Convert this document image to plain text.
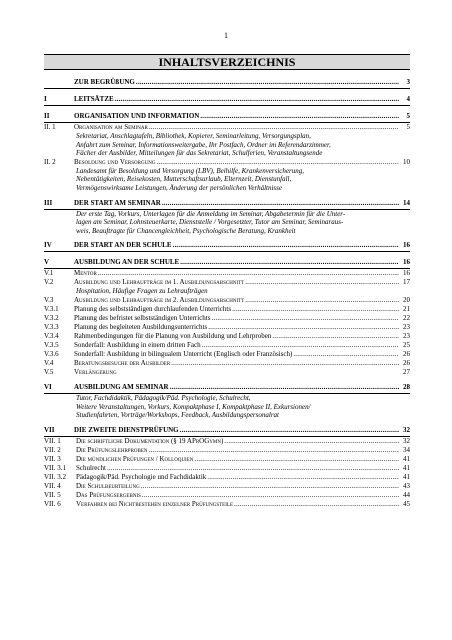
1
INHALTSVERZEICHNIS
ZUR BEGRÜßUNG .....	3
I	LEITSÄTZE .....	4
II	ORGANISATION UND INFORMATION .....	5
II. 1	Organisation am Seminar .....	5
Sekretariat, Anschlagtafeln, Bibliothek, Kopierer, Seminarleitung, Versorgungsplan,
Anfahrt zum Seminar, Informationsweitergabe, Ihr Postfach, Ordner im Referendarzimmer,
Fächer der Ausbilder, Mitteilungen für das Sekretariat, Schulferien, Veranstaltungsende
II. 2	Besoldung und Versorgung .....	10
Landesamt für Besoldung und Versorgung (LBV), Beihilfe, Krankenversicherung,
Nebentätigkeiten, Reisekosten, Mutterschaftsurlaub, Elternzeit, Dienstunfall,
Vermögenswirksame Leistungen, Änderung der persönlichen Verhältnisse
III	DER START AM SEMINAR .....	14
Der erste Tag, Vorkurs, Unterlagen für die Anmeldung im Seminar, Abgabetermin für die Unter-
lagen am Seminar, Lohnsteuerkarte, Dienststelle / Vorgesetzter, Tutor am Seminar, Seminaraus-
weis, Beauftragte für Chancengleichheit, Psychologische Beratung, Krankheit
IV	DER START AN DER SCHULE .....	16
V	AUSBILDUNG AN DER SCHULE .....	16
V.1	Mentor .....	16
V.2	Ausbildung und Lehraufträge im 1. Ausbildungsabschnitt .....	17
Hospitation, Häufige Fragen zu Lehraufträgen
V.3	Ausbildung und Lehraufträge im 2. Ausbildungsabschnitt .....	20
V.3.1	Planung des selbstständigen durchlaufenden Unterrichts .....	21
V.3.2	Planung des befristet selbstständigen Unterrichts .....	22
V.3.3	Planung des begleiteten Ausbildungsunterrichts .....	23
V.3.4	Rahmenbedingungen für die Planung von Ausbildung und Lehrproben .....	23
V.3.5	Sonderfall: Ausbildung in einem dritten Fach .....	25
V.3.6	Sonderfall: Ausbildung in bilingualem Unterricht (Englisch oder Französisch) .....	26
V.4	Beratungsbesuche der Ausbilder .....	26
V.5	Verlängerung	27
VI	AUSBILDUNG AM SEMINAR .....	28
Tutor, Fachdidaktik, Pädagogik/Päd. Psychologie, Schulrecht,
Weitere Veranstaltungen, Vorkurs, Kompaktphase I, Kompaktphase II, Exkursionen/
Studienfahrten, Vorträge/Workshops, Feedback, Ausbildungspersonalrat
VII	DIE ZWEITE DIENSTPRÜFUNG .....	32
VII. 1	Die schriftliche Dokumentation (§ 19 APrOGymn) .....	32
VII. 2	Die Prüfungslehrproben .....	34
VII. 3	Die mündlichen Prüfungen / Kolloquien .....	41
VII. 3.1	Schulrecht .....	41
VII. 3.2	Pädagogik/Päd. Psychologie und Fachdidaktik .....	41
VII. 4	Die Schulbeurteilung .....	43
VII. 5	Das Prüfungsergebnis .....	44
VII. 6	Verfahren bei Nichtbestehen einzelner Prüfungsteile .....	45
